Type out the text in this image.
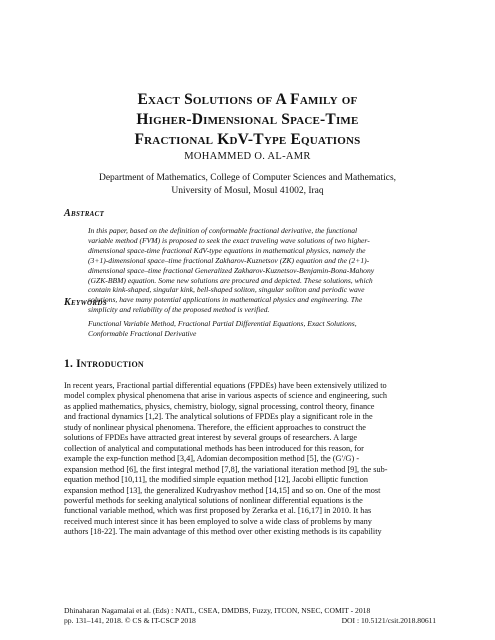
Exact Solutions of A Family of
Higher-Dimensional Space-Time
Fractional KdV-Type Equations
MOHAMMED O. AL-AMR
Department of Mathematics, College of Computer Sciences and Mathematics,
University of Mosul, Mosul 41002, Iraq
Abstract
In this paper, based on the definition of conformable fractional derivative, the functional
variable method (FVM) is proposed to seek the exact traveling wave solutions of two higher-
dimensional space-time fractional KdV-type equations in mathematical physics, namely the
(3+1)-dimensional space–time fractional Zakharov-Kuznetsov (ZK) equation and the (2+1)-
dimensional space–time fractional Generalized Zakharov-Kuznetsov-Benjamin-Bona-Mahony
(GZK-BBM) equation. Some new solutions are procured and depicted. These solutions, which
contain kink-shaped, singular kink, bell-shaped soliton, singular soliton and periodic wave
solutions, have many potential applications in mathematical physics and engineering. The
simplicity and reliability of the proposed method is verified.
Keywords
Functional Variable Method, Fractional Partial Differential Equations, Exact Solutions,
Conformable Fractional Derivative
1. Introduction
In recent years, Fractional partial differential equations (FPDEs) have been extensively utilized to
model complex physical phenomena that arise in various aspects of science and engineering, such
as applied mathematics, physics, chemistry, biology, signal processing, control theory, finance
and fractional dynamics [1,2]. The analytical solutions of FPDEs play a significant role in the
study of nonlinear physical phenomena. Therefore, the efficient approaches to construct the
solutions of FPDEs have attracted great interest by several groups of researchers. A large
collection of analytical and computational methods has been introduced for this reason, for
example the exp-function method [3,4], Adomian decomposition method [5], the (G′/G) -
expansion method [6], the first integral method [7,8], the variational iteration method [9], the sub-
equation method [10,11], the modified simple equation method [12], Jacobi elliptic function
expansion method [13], the generalized Kudryashov method [14,15] and so on. One of the most
powerful methods for seeking analytical solutions of nonlinear differential equations is the
functional variable method, which was first proposed by Zerarka et al. [16,17] in 2010. It has
received much interest since it has been employed to solve a wide class of problems by many
authors [18-22]. The main advantage of this method over other existing methods is its capability
Dhinaharan Nagamalai et al. (Eds) : NATL, CSEA, DMDBS, Fuzzy, ITCON, NSEC, COMIT - 2018
pp. 131–141, 2018. © CS & IT-CSCP 2018	DOI : 10.5121/csit.2018.80611
